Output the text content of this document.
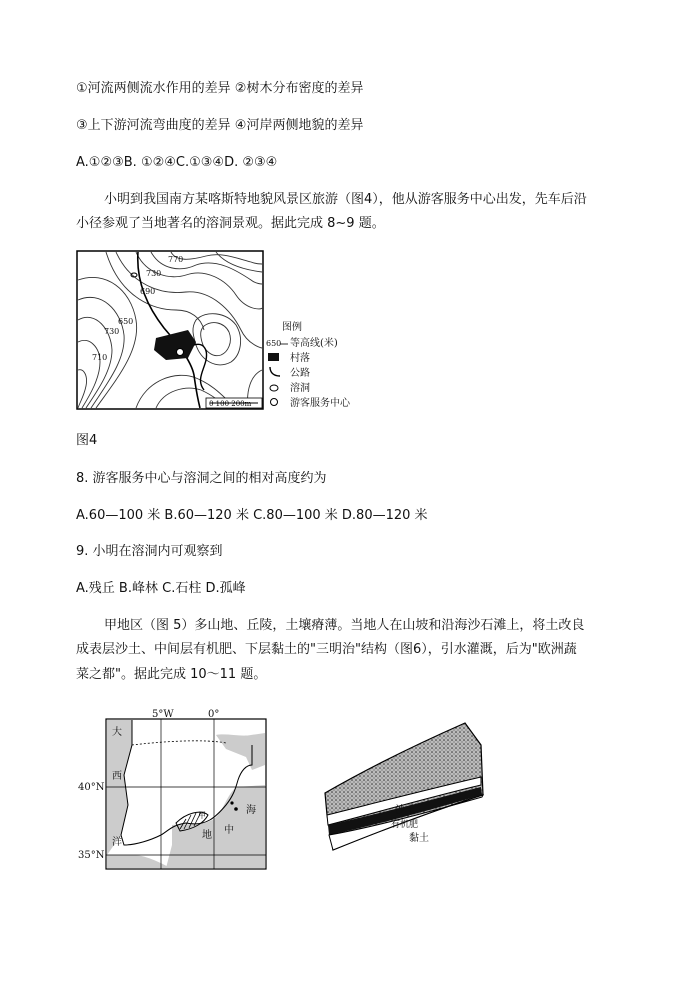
①河流两侧流水作用的差异 ②树木分布密度的差异
③上下游河流弯曲度的差异 ④河岸两侧地貌的差异
A.①②③B. ①②④C.①③④D. ②③④
小明到我国南方某喀斯特地貌风景区旅游（图4），他从游客服务中心出发，先车后沿
小径参观了当地著名的溶洞景观。据此完成 8~9 题。
770
730
690
650
730
710
0 100 200m
图例
650 等高线(米)
村落
公路
溶洞
游客服务中心
图4
8. 游客服务中心与溶洞之间的相对高度约为
A.60—100 米 B.60—120 米 C.80—100 米 D.80—120 米
9. 小明在溶洞内可观察到
A.残丘 B.峰林 C.石柱 D.孤峰
甲地区（图 5）多山地、丘陵，土壤瘠薄。当地人在山坡和沿海沙石滩上，将土改良
成表层沙土、中间层有机肥、下层黏土的"三明治"结构（图6），引水灌溉，后为"欧洲蔬
菜之都"。据此完成 10～11 题。
5°W	0°
40°N
35°N
大
西
洋
海
中
地
甲	沙土
有机肥
黏土
